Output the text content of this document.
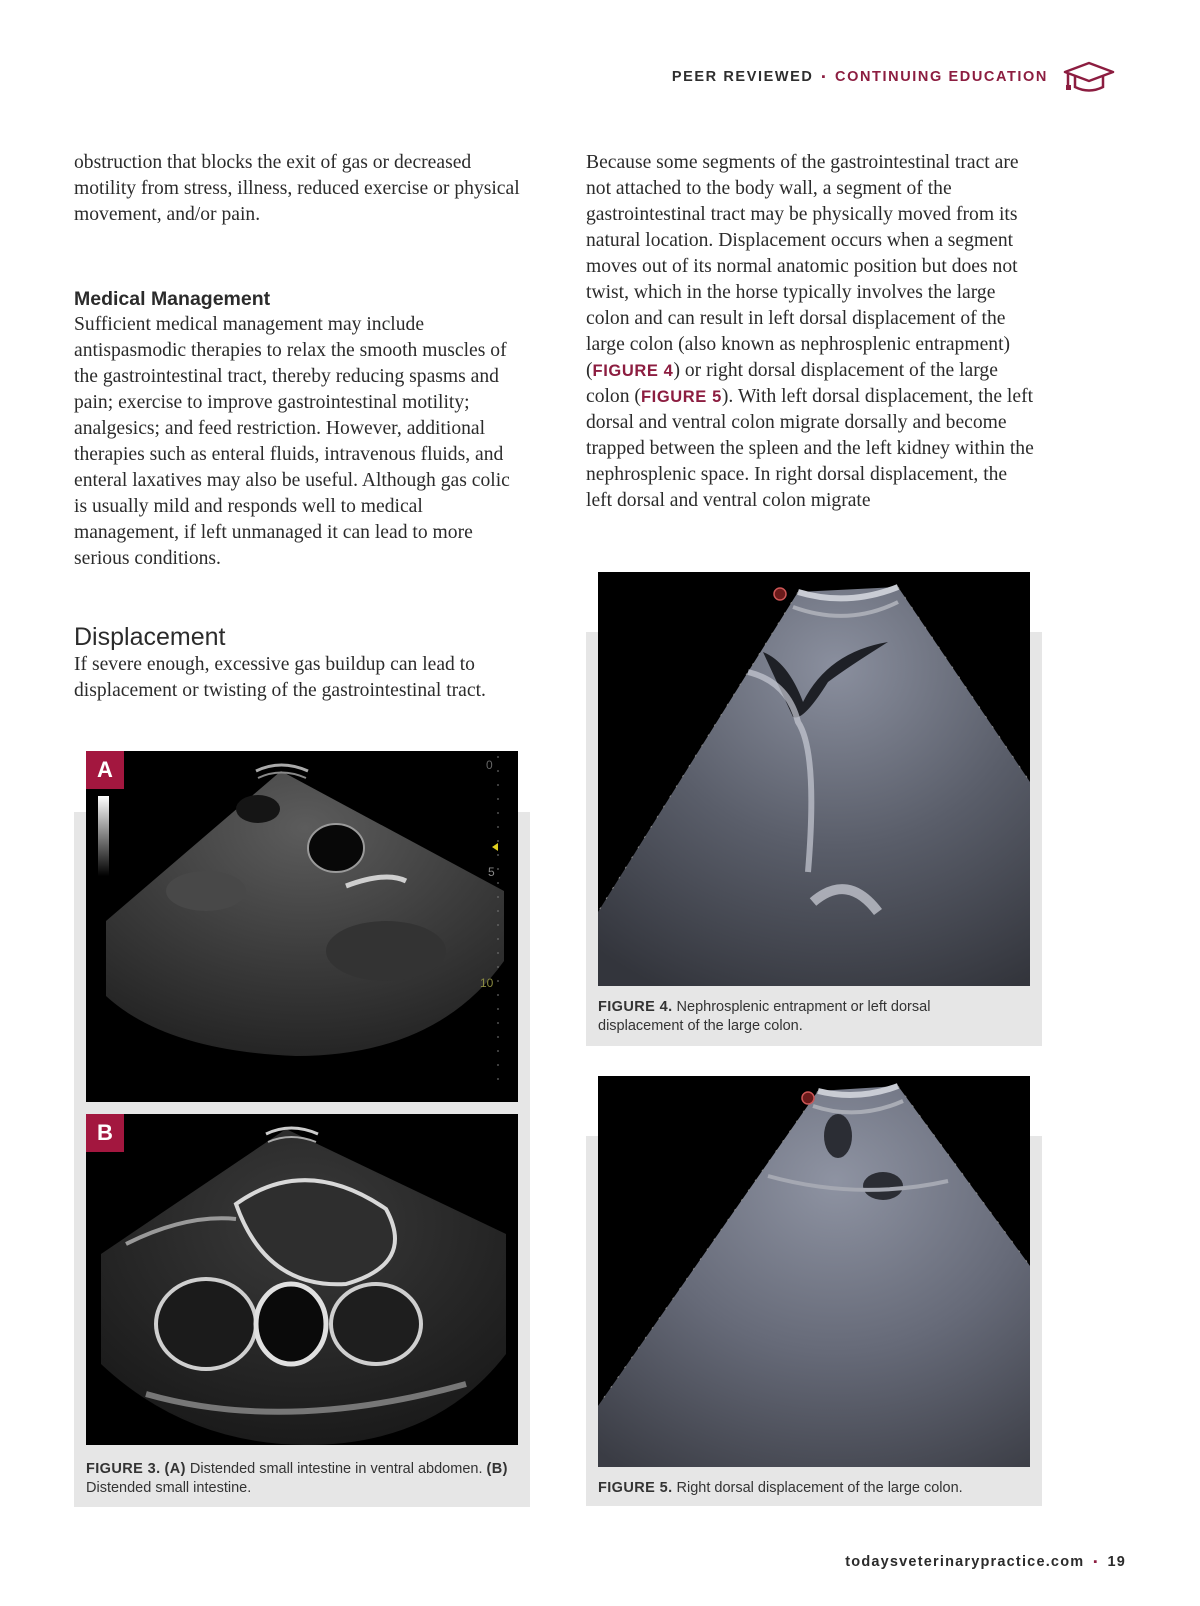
PEER REVIEWED ▪ CONTINUING EDUCATION

obstruction that blocks the exit of gas or decreased motility from stress, illness, reduced exercise or physical movement, and/or pain.

Medical Management

Sufficient medical management may include antispasmodic therapies to relax the smooth muscles of the gastrointestinal tract, thereby reducing spasms and pain; exercise to improve gastrointestinal motility; analgesics; and feed restriction. However, additional therapies such as enteral fluids, intravenous fluids, and enteral laxatives may also be useful. Although gas colic is usually mild and responds well to medical management, if left unmanaged it can lead to more serious conditions.

Displacement

If severe enough, excessive gas buildup can lead to displacement or twisting of the gastrointestinal tract.

Because some segments of the gastrointestinal tract are not attached to the body wall, a segment of the gastrointestinal tract may be physically moved from its natural location. Displacement occurs when a segment moves out of its normal anatomic position but does not twist, which in the horse typically involves the large colon and can result in left dorsal displacement of the large colon (also known as nephrosplenic entrapment) (FIGURE 4) or right dorsal displacement of the large colon (FIGURE 5). With left dorsal displacement, the left dorsal and ventral colon migrate dorsally and become trapped between the spleen and the left kidney within the nephrosplenic space. In right dorsal displacement, the left dorsal and ventral colon migrate

0
5
10
A
B
FIGURE 3. (A) Distended small intestine in ventral abdomen. (B) Distended small intestine.
FIGURE 4. Nephrosplenic entrapment or left dorsal displacement of the large colon.
FIGURE 5. Right dorsal displacement of the large colon.
todaysveterinarypractice.com ▪ 19
